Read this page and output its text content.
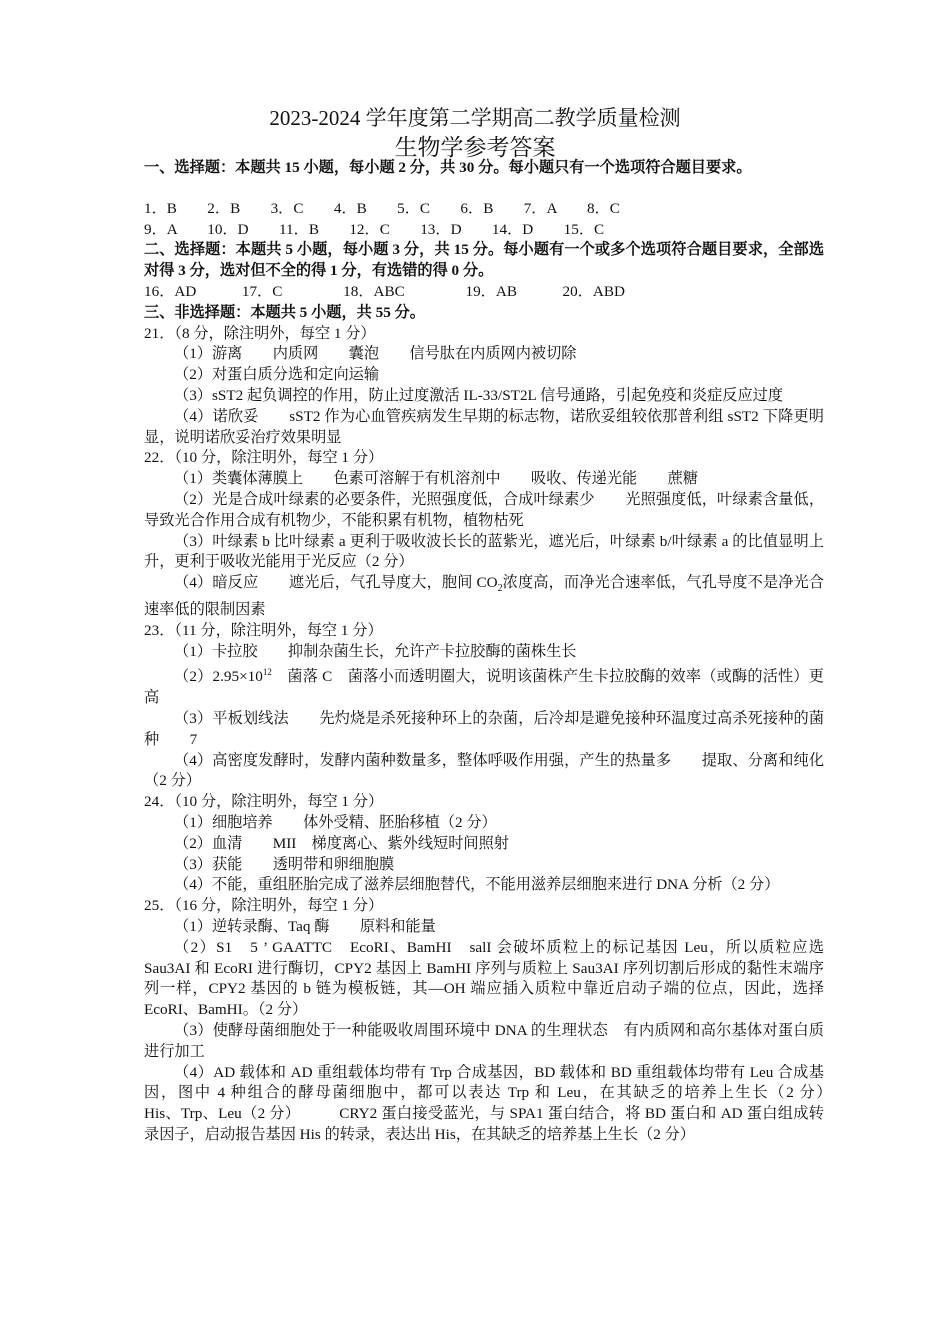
2023-2024 学年度第二学期高二教学质量检测
生物学参考答案
一、选择题：本题共 15 小题，每小题 2 分，共 30 分。每小题只有一个选项符合题目要求。
1．B　　2．B　　3．C　　4．B　　5．C　　6．B　　7．A　　8．C
9．A　　10．D　　11．B　　12．C　　13．D　　14．D　　15．C
二、选择题：本题共 5 小题，每小题 3 分，共 15 分。每小题有一个或多个选项符合题目要求，全部选对得 3 分，选对但不全的得 1 分，有选错的得 0 分。
16．AD　　　17．C　　　　18．ABC　　　　19．AB　　　20．ABD
三、非选择题：本题共 5 小题，共 55 分。
21．（8 分，除注明外，每空 1 分）
（1）游离　　内质网　　囊泡　　信号肽在内质网内被切除
（2）对蛋白质分选和定向运输
（3）sST2 起负调控的作用，防止过度激活 IL-33/ST2L 信号通路，引起免疫和炎症反应过度
（4）诺欣妥　　sST2 作为心血管疾病发生早期的标志物，诺欣妥组较依那普利组 sST2 下降更明显，说明诺欣妥治疗效果明显
22．（10 分，除注明外，每空 1 分）
（1）类囊体薄膜上　　色素可溶解于有机溶剂中　　吸收、传递光能　　蔗糖
（2）光是合成叶绿素的必要条件，光照强度低，合成叶绿素少　　光照强度低，叶绿素含量低，导致光合作用合成有机物少，不能积累有机物，植物枯死
（3）叶绿素 b 比叶绿素 a 更利于吸收波长长的蓝紫光，遮光后，叶绿素 b/叶绿素 a 的比值显明上升，更利于吸收光能用于光反应（2 分）
（4）暗反应　　遮光后，气孔导度大，胞间 $CO_2$浓度高，而净光合速率低，气孔导度不是净光合速率低的限制因素
23．（11 分，除注明外，每空 1 分）
（1）卡拉胶　　抑制杂菌生长，允许产卡拉胶酶的菌株生长
$(2)2.95\times 10^{12}$　菌落 C　菌落小而透明圈大，说明该菌株产生卡拉胶酶的效率（或酶的活性）更高
（3）平板划线法　　先灼烧是杀死接种环上的杂菌，后冷却是避免接种环温度过高杀死接种的菌种　　7
（4）高密度发酵时，发酵内菌种数量多，整体呼吸作用强，产生的热量多　　提取、分离和纯化（2 分）
24．（10 分，除注明外，每空 1 分）
（1）细胞培养　　体外受精、胚胎移植（2 分）
（2）血清　　MII　梯度离心、紫外线短时间照射
（3）获能　　透明带和卵细胞膜
（4）不能，重组胚胎完成了滋养层细胞替代，不能用滋养层细胞来进行 DNA 分析（2 分）
25．（16 分，除注明外，每空 1 分）
（1）逆转录酶、Taq 酶　　原料和能量
（2）S1　5 ’ GAATTC　EcoRI、BamHI　salI 会破坏质粒上的标记基因 Leu，所以质粒应选 Sau3AI 和 EcoRI 进行酶切，CPY2 基因上 BamHI 序列与质粒上 Sau3AI 序列切割后形成的黏性末端序列一样，CPY2 基因的 b 链为模板链，其—OH 端应插入质粒中靠近启动子端的位点，因此，选择 EcoRI、BamHI。（2 分）
（3）使酵母菌细胞处于一种能吸收周围环境中 DNA 的生理状态　有内质网和高尔基体对蛋白质进行加工
（4）AD 载体和 AD 重组载体均带有 Trp 合成基因，BD 载体和 BD 重组载体均带有 Leu 合成基因，图中 4 种组合的酵母菌细胞中，都可以表达 Trp 和 Leu，在其缺乏的培养上生长（2 分）　　　His、Trp、Leu（2 分）　　　CRY2 蛋白接受蓝光，与 SPA1 蛋白结合，将 BD 蛋白和 AD 蛋白组成转录因子，启动报告基因 His 的转录，表达出 His，在其缺乏的培养基上生长（2 分）
